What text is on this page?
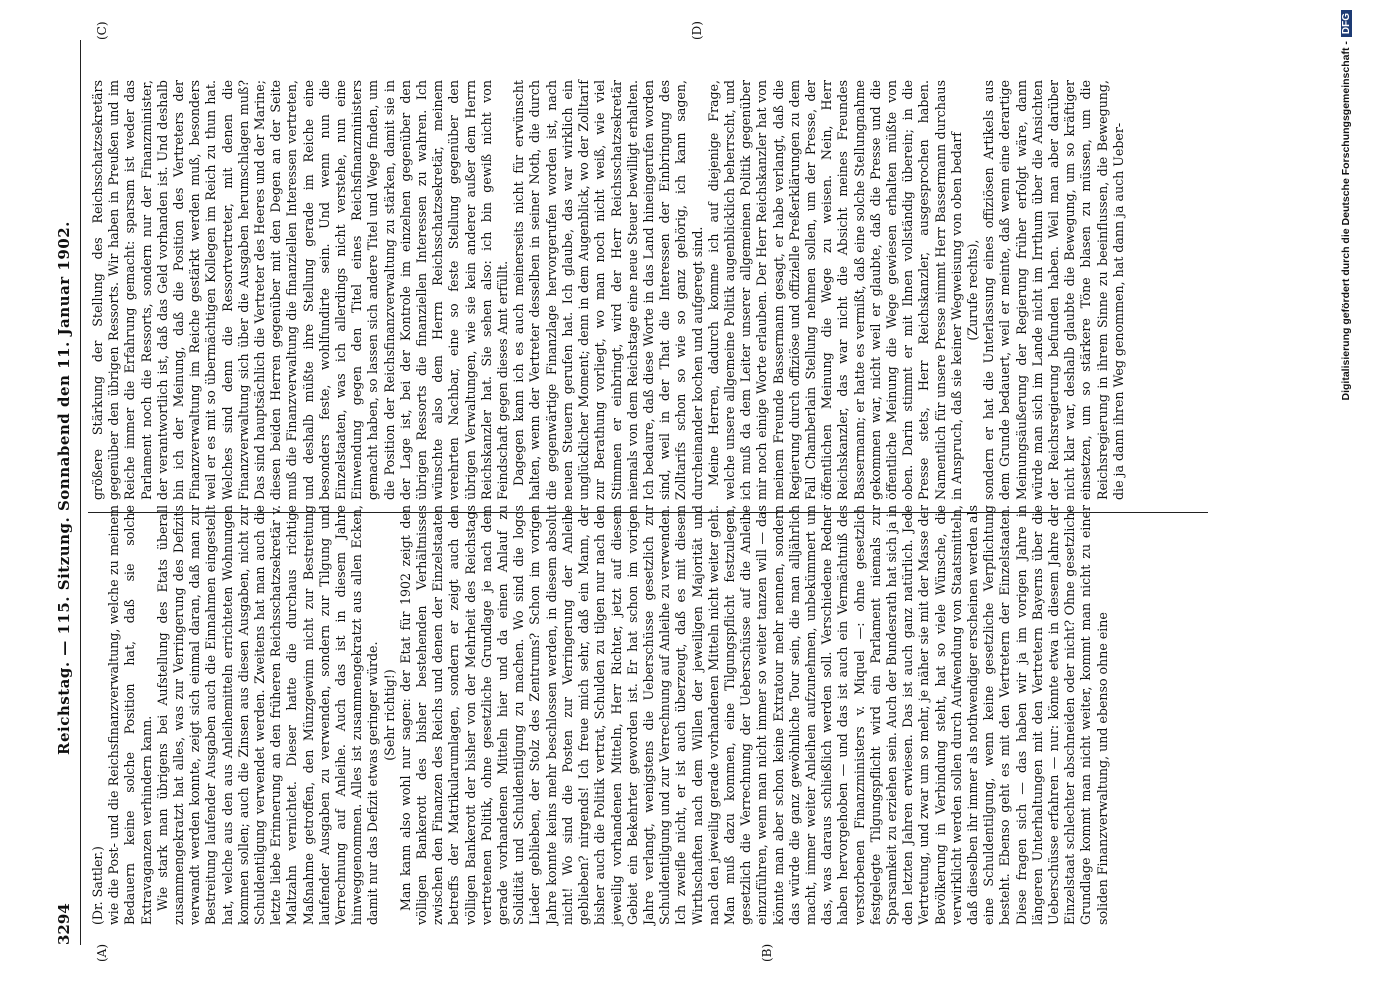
3294
Reichstag. — 115. Sitzung. Sonnabend den 11. Januar 1902.
(A)	(B)
(C)	(D)

(Dr. Sattler.) wie die Post- und die Reichsfinanzverwaltung, welche zu meinem Bedauern keine solche Position hat, daß sie solche Extravaganzen verhindern kann. Wie stark man übrigens bei Aufstellung des Etats überall zusammengekratzt hat alles, was zur Verringerung des Defizits verwandt werden konnte, zeigt sich einmal daran, daß man zur Bestreitung laufender Ausgaben auch die Einnahmen eingestellt hat, welche aus den aus Anleihemitteln errichteten Wohnungen kommen sollen; auch die Zinsen aus diesen Ausgaben, nicht zur Schuldentilgung verwendet werden. Zweitens hat man auch die letzte liebe Erinnerung an den früheren Reichsschatzsekretär v. Maltzahn vernichtet. Dieser hatte die durchaus richtige Maßnahme getroffen, den Münzgewinn nicht zur Bestreitung laufender Ausgaben zu verwenden, sondern zur Tilgung und Verrechnung auf Anleihe. Auch das ist in diesem Jahre hinweggenommen. Alles ist zusammengekratzt aus allen Ecken, damit nur das Defizit etwas geringer würde. (Sehr richtig!) Man kann also wohl nur sagen: der Etat für 1902 zeigt den völligen Bankerott des bisher bestehenden Verhältnisses zwischen den Finanzen des Reichs und denen der Einzelstaaten betreffs der Matrikularumlagen, sondern er zeigt auch den völligen Bankerott der bisher von der Mehrheit des Reichstags vertretenen Politik, ohne gesetzliche Grundlage je nach dem gerade vorhandenen Mitteln hier und da einen Anlauf zu Solidität und Schuldentilgung zu machen. Wo sind die logos Lieder geblieben, der Stolz des Zentrums? Schon im vorigen Jahre konnte keins mehr beschlossen werden, in diesem absolut nicht! Wo sind die Posten zur Verringerung der Anleihe geblieben? nirgends! Ich freue mich sehr, daß ein Mann, der bisher auch die Politik vertrat, Schulden zu tilgen nur nach den jeweilig vorhandenen Mitteln, Herr Richter, jetzt auf diesem Gebiet ein Bekehrter geworden ist. Er hat schon im vorigen Jahre verlangt, wenigstens die Ueberschüsse gesetzlich zur Schuldentilgung und zur Verrechnung auf Anleihe zu verwenden. Ich zweifle nicht, er ist auch überzeugt, daß es mit diesem Wirthschaften nach dem Willen der jeweiligen Majorität und nach den jeweilig gerade vorhandenen Mitteln nicht weiter geht. Man muß dazu kommen, eine Tilgungspflicht festzulegen, gesetzlich die Verrechnung der Ueberschüsse auf die Anleihe einzuführen, wenn man nicht immer so weiter tanzen will — das könnte man aber schon keine Extratour mehr nennen, sondern das würde die ganz gewöhnliche Tour sein, die man alljährlich macht, immer weiter Anleihen aufzunehmen, unbekümmert um das, was daraus schließlich werden soll. Verschiedene Redner haben hervorgehoben — und das ist auch ein Vermächtniß des verstorbenen Finanzministers v. Miquel —: ohne gesetzlich festgelegte Tilgungspflicht wird ein Parlament niemals zur Sparsamkeit zu erziehen sein. Auch der Bundesrath hat sich ja in den letzten Jahren erwiesen. Das ist auch ganz natürlich. Jede Vertretung, und zwar um so mehr, je näher sie mit der Masse der Bevölkerung in Verbindung steht, hat so viele Wünsche, die verwirklicht werden sollen durch Aufwendung von Staatsmitteln, daß dieselben ihr immer als nothwendiger erscheinen werden als eine Schuldentilgung, wenn keine gesetzliche Verpflichtung besteht. Ebenso geht es mit den Vertretern der Einzelstaaten. Diese fragen sich — das haben wir ja im vorigen Jahre in längeren Unterhaltungen mit den Vertretern Bayerns über die Ueberschüsse erfahren — nur: könnte etwa in diesem Jahre der Einzelstaat schlechter abschneiden oder nicht? Ohne gesetzliche Grundlage kommt man nicht weiter, kommt man nicht zu einer soliden Finanzverwaltung, und ebenso ohne eine

größere Stärkung der Stellung des Reichsschatzsekretärs gegenüber den übrigen Ressorts. Wir haben in Preußen und im Reiche immer die Erfahrung gemacht: sparsam ist weder das Parlament noch die Ressorts, sondern nur der Finanzminister, der verantwortlich ist, daß das Geld vorhanden ist. Und deshalb bin ich der Meinung, daß die Position des Vertreters der Finanzverwaltung im Reiche gestärkt werden muß, besonders weil er es mit so übermächtigen Kollegen im Reich zu thun hat. Welches sind denn die Ressortvertreter, mit denen die Finanzverwaltung sich über die Ausgaben herumschlagen muß? Das sind hauptsächlich die Vertreter des Heeres und der Marine; diesen beiden Herren gegenüber mit den Degen an der Seite muß die Finanzverwaltung die finanziellen Interessen vertreten, und deshalb müßte ihre Stellung gerade im Reiche eine besonders feste, wohlfundirte sein. Und wenn nun die Einzelstaaten, was ich allerdings nicht verstehe, nun eine Einwendung gegen den Titel eines Reichsfinanzministers gemacht haben, so lassen sich andere Titel und Wege finden, um die Position der Reichsfinanzverwaltung zu stärken, damit sie in der Lage ist, bei der Kontrole im einzelnen gegenüber den übrigen Ressorts die finanziellen Interessen zu wahren. Ich wünschte also dem Herrn Reichsschatzsekretär, meinem verehrten Nachbar, eine so feste Stellung gegenüber den übrigen Verwaltungen, wie sie kein anderer außer dem Herrn Reichskanzler hat. Sie sehen also: ich bin gewiß nicht von Feindschaft gegen dieses Amt erfüllt. Dagegen kann ich es auch meinerseits nicht für erwünscht halten, wenn der Vertreter desselben in seiner Noth, die durch die gegenwärtige Finanzlage hervorgerufen worden ist, nach neuen Steuern gerufen hat. Ich glaube, das war wirklich ein unglücklicher Moment; denn in dem Augenblick, wo der Zolltarif zur Berathung vorliegt, wo man noch nicht weiß, wie viel Stimmen er einbringt, wird der Herr Reichsschatzsekretär niemals von dem Reichstage eine neue Steuer bewilligt erhalten. Ich bedaure, daß diese Worte in das Land hineingerufen worden sind, weil in der That die Interessen der Einbringung des Zolltarifs schon so wie so ganz gehörig, ich kann sagen, durcheinander kochen und aufgeregt sind. Meine Herren, dadurch komme ich auf diejenige Frage, welche unsere allgemeine Politik augenblicklich beherrscht, und ich muß da dem Leiter unserer allgemeinen Politik gegenüber mir noch einige Worte erlauben. Der Herr Reichskanzler hat von meinem Freunde Bassermann gesagt, er habe verlangt, daß die Regierung durch offiziöse und offizielle Preßerklärungen zu dem Fall Chamberlain Stellung nehmen sollen, um der Presse, der öffentlichen Meinung die Wege zu weisen. Nein, Herr Reichskanzler, das war nicht die Absicht meines Freundes Bassermann; er hatte es vermißt, daß eine solche Stellungnahme gekommen war, nicht weil er glaubte, daß die Presse und die öffentliche Meinung die Wege gewiesen erhalten müßte von oben. Darin stimmt er mit Ihnen vollständig überein; in die Presse stets, Herr Reichskanzler, ausgesprochen haben. Namentlich für unsere Presse nimmt Herr Bassermann durchaus in Anspruch, daß sie keiner Wegweisung von oben bedarf (Zurufe rechts), sondern er hat die Unterlassung eines offiziösen Artikels aus dem Grunde bedauert, weil er meinte, daß wenn eine derartige Meinungsäußerung der Regierung früher erfolgt wäre, dann würde man sich im Lande nicht im Irrthum über die Ansichten der Reichsregierung befunden haben. Weil man aber darüber nicht klar war, deshalb glaubte die Bewegung, um so kräftiger einsetzen, um so stärkere Töne blasen zu müssen, um die Reichsregierung in ihrem Sinne zu beeinflussen, die Bewegung, die ja dann ihren Weg genommen, hat dann ja auch Ueber-	Digitalisierung gefördert durch die Deutsche Forschungsgemeinschaft -DFG
